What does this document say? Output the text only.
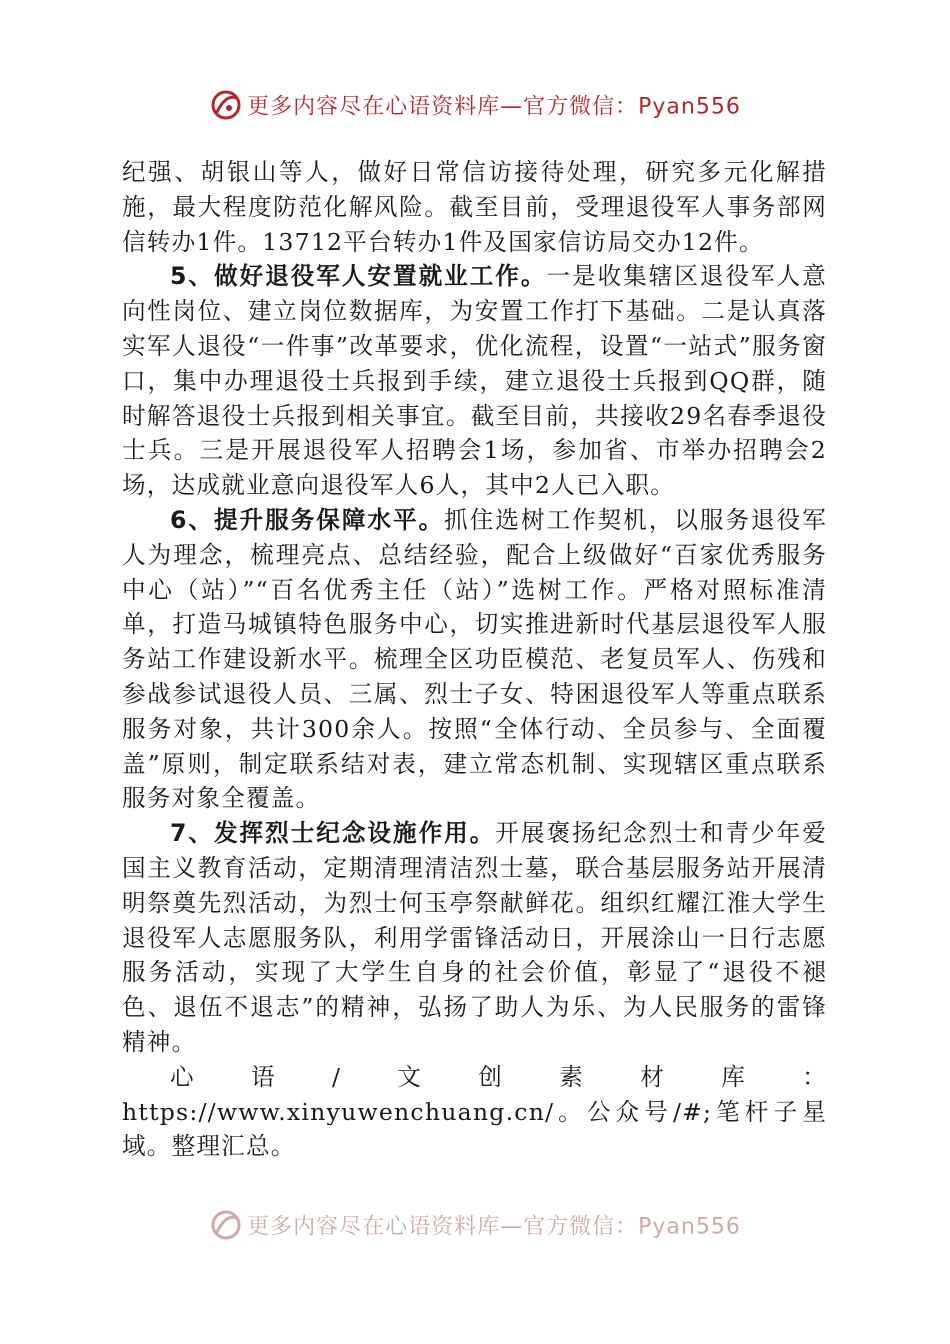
更多内容尽在心语资料库—官方微信：Pyan556

纪强、胡银山等人，做好日常信访接待处理，研究多元化解措施，最大程度防范化解风险。截至目前，受理退役军人事务部网信转办1件。13712平台转办1件及国家信访局交办12件。

5、做好退役军人安置就业工作。一是收集辖区退役军人意向性岗位、建立岗位数据库，为安置工作打下基础。二是认真落实军人退役“一件事”改革要求，优化流程，设置“一站式”服务窗口，集中办理退役士兵报到手续，建立退役士兵报到QQ群，随时解答退役士兵报到相关事宜。截至目前，共接收29名春季退役士兵。三是开展退役军人招聘会1场，参加省、市举办招聘会2场，达成就业意向退役军人6人，其中2人已入职。

6、提升服务保障水平。抓住选树工作契机，以服务退役军人为理念，梳理亮点、总结经验，配合上级做好“百家优秀服务中心（站）”“百名优秀主任（站）”选树工作。严格对照标准清单，打造马城镇特色服务中心，切实推进新时代基层退役军人服务站工作建设新水平。梳理全区功臣模范、老复员军人、伤残和参战参试退役人员、三属、烈士子女、特困退役军人等重点联系服务对象，共计300余人。按照“全体行动、全员参与、全面覆盖”原则，制定联系结对表，建立常态机制、实现辖区重点联系服务对象全覆盖。

7、发挥烈士纪念设施作用。开展褒扬纪念烈士和青少年爱国主义教育活动，定期清理清洁烈士墓，联合基层服务站开展清明祭奠先烈活动，为烈士何玉亭祭献鲜花。组织红耀江淮大学生退役军人志愿服务队，利用学雷锋活动日，开展涂山一日行志愿服务活动，实现了大学生自身的社会价值，彰显了“退役不褪色、退伍不退志”的精神，弘扬了助人为乐、为人民服务的雷锋精神。

心语/文创素材库：https://www.xinyuwenchuang.cn/。公众号/#;笔杆子星域。整理汇总。

更多内容尽在心语资料库—官方微信：Pyan556
